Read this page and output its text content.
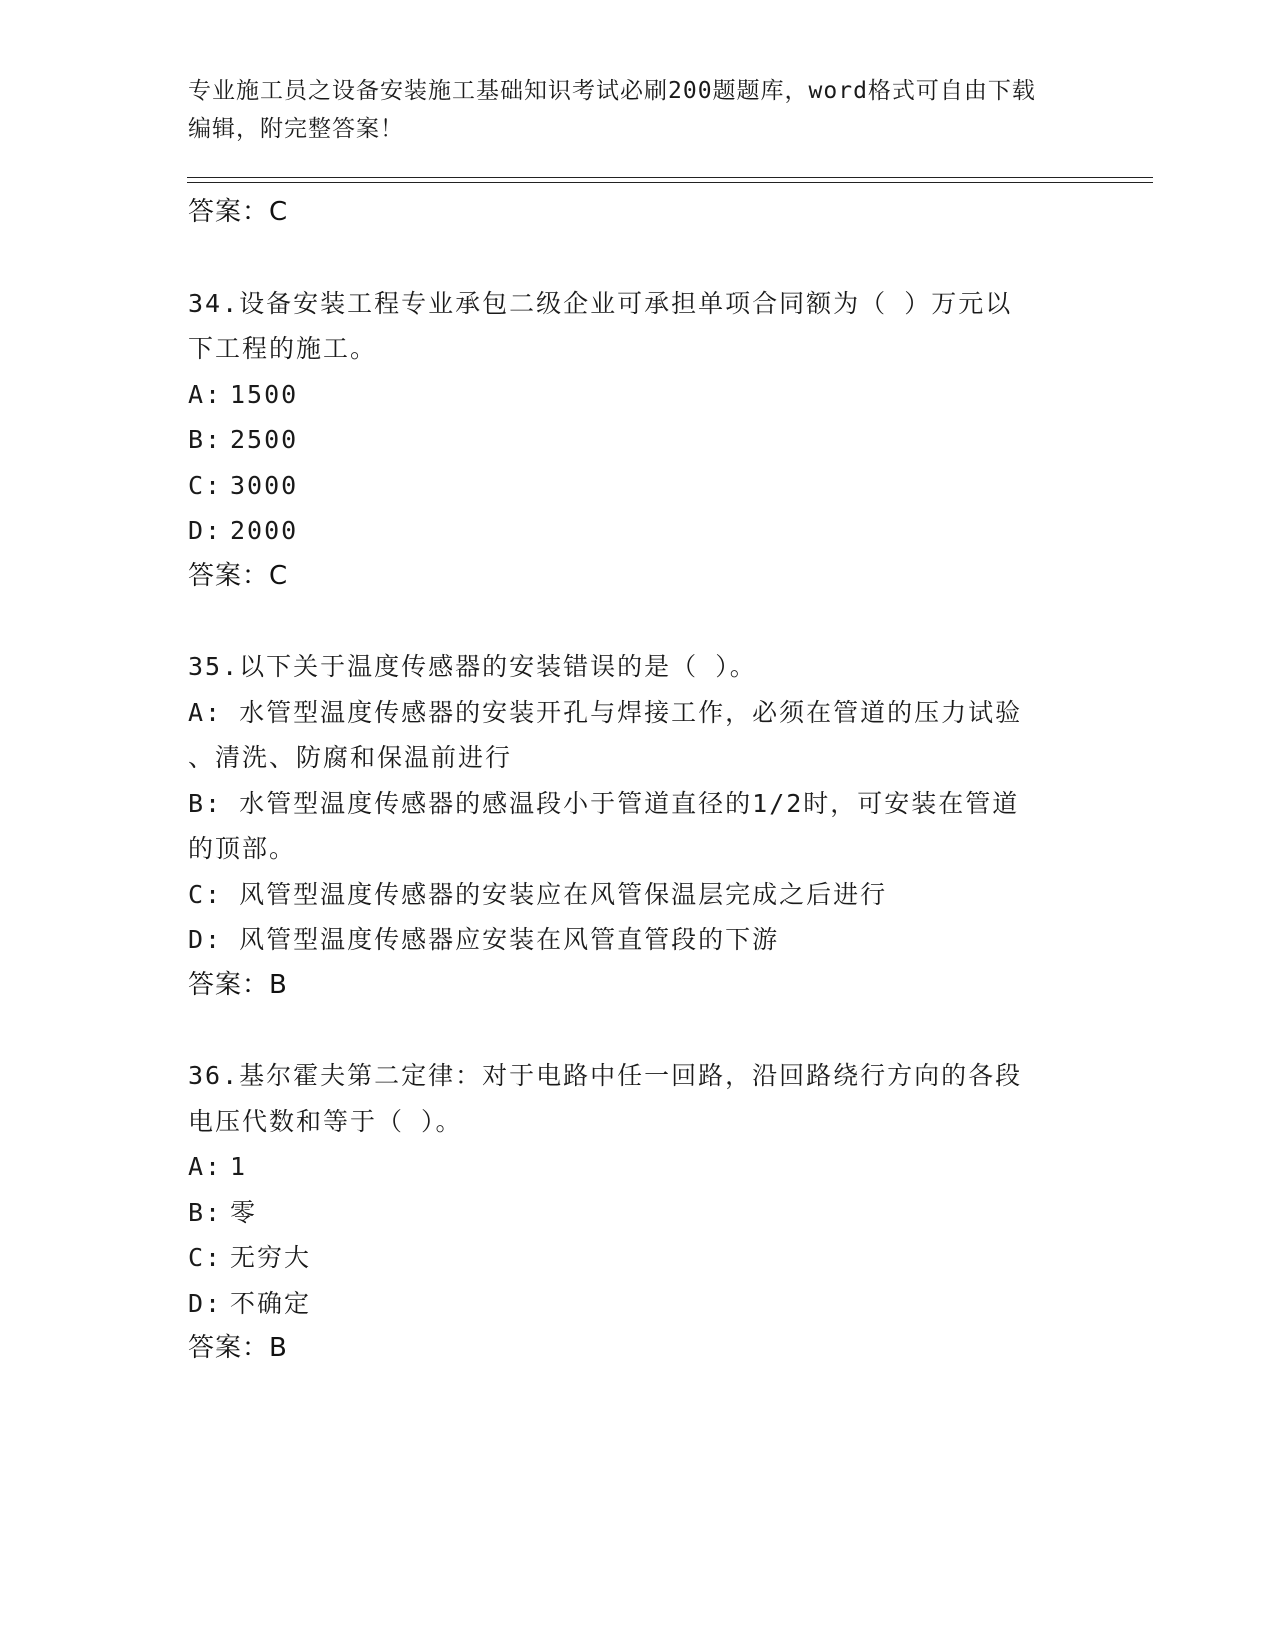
专业施工员之设备安装施工基础知识考试必刷200题题库，word格式可自由下载
编辑，附完整答案！
答案：C
34.设备安装工程专业承包二级企业可承担单项合同额为（ ）万元以
下工程的施工。
A: 1500
B: 2500
C: 3000
D: 2000
答案：C
35.以下关于温度传感器的安装错误的是（ ）。
A: 水管型温度传感器的安装开孔与焊接工作，必须在管道的压力试验
、清洗、防腐和保温前进行
B: 水管型温度传感器的感温段小于管道直径的1/2时，可安装在管道
的顶部。
C: 风管型温度传感器的安装应在风管保温层完成之后进行
D: 风管型温度传感器应安装在风管直管段的下游
答案：B
36.基尔霍夫第二定律：对于电路中任一回路，沿回路绕行方向的各段
电压代数和等于（ ）。
A: 1
B: 零
C: 无穷大
D: 不确定
答案：B
